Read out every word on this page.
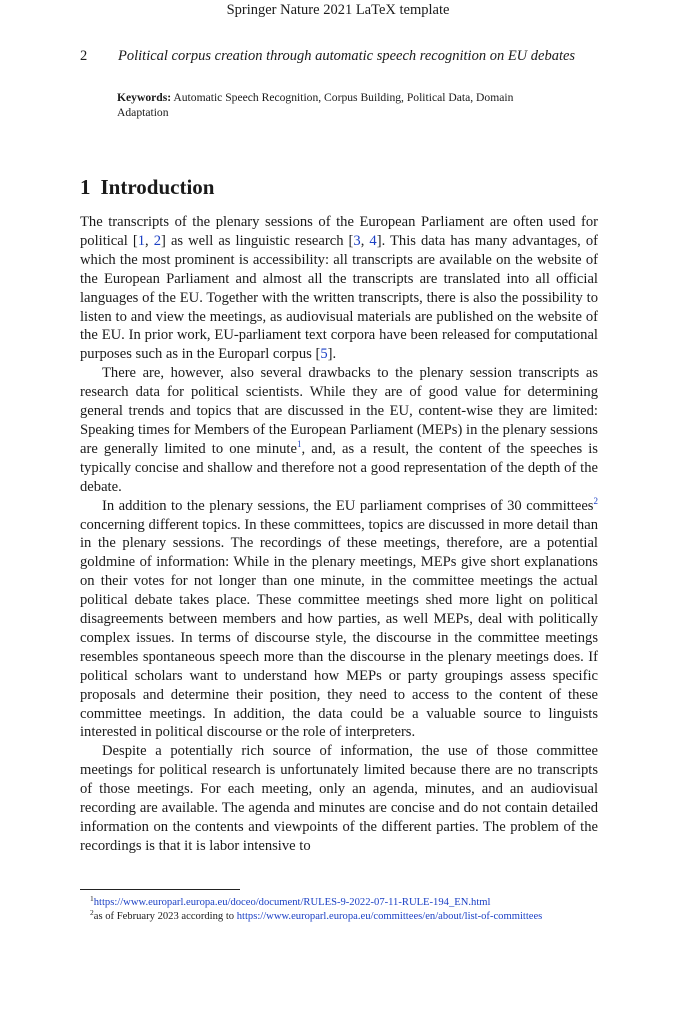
Springer Nature 2021 LaTeX template
2 Political corpus creation through automatic speech recognition on EU debates
Keywords: Automatic Speech Recognition, Corpus Building, Political Data, Domain Adaptation
1 Introduction

The transcripts of the plenary sessions of the European Parliament are often used for political [1, 2] as well as linguistic research [3, 4]. This data has many advantages, of which the most prominent is accessibility: all transcripts are available on the website of the European Parliament and almost all the transcripts are translated into all official languages of the EU. Together with the written transcripts, there is also the possibility to listen to and view the meetings, as audiovisual materials are published on the website of the EU. In prior work, EU-parliament text corpora have been released for computational purposes such as in the Europarl corpus [5].

There are, however, also several drawbacks to the plenary session transcripts as research data for political scientists. While they are of good value for determining general trends and topics that are discussed in the EU, content-wise they are limited: Speaking times for Members of the European Parliament (MEPs) in the plenary sessions are generally limited to one minute$^1$, and, as a result, the content of the speeches is typically concise and shallow and therefore not a good representation of the depth of the debate.

In addition to the plenary sessions, the EU parliament comprises of 30 committees$^2$ concerning different topics. In these committees, topics are discussed in more detail than in the plenary sessions. The recordings of these meetings, therefore, are a potential goldmine of information: While in the plenary meetings, MEPs give short explanations on their votes for not longer than one minute, in the committee meetings the actual political debate takes place. These committee meetings shed more light on political disagreements between members and how parties, as well MEPs, deal with politically complex issues. In terms of discourse style, the discourse in the committee meetings resembles spontaneous speech more than the discourse in the plenary meetings does. If political scholars want to understand how MEPs or party groupings assess specific proposals and determine their position, they need to access to the content of these committee meetings. In addition, the data could be a valuable source to linguists interested in political discourse or the role of interpreters.

Despite a potentially rich source of information, the use of those committee meetings for political research is unfortunately limited because there are no transcripts of those meetings. For each meeting, only an agenda, minutes, and an audiovisual recording are available. The agenda and minutes are concise and do not contain detailed information on the contents and viewpoints of the different parties. The problem of the recordings is that it is labor intensive to

$^1$https://www.europarl.europa.eu/doceo/document/RULES-9-2022-07-11-RULE-194_EN.html
$^2$as of February 2023 according to https://www.europarl.europa.eu/committees/en/about/list-of-committees
